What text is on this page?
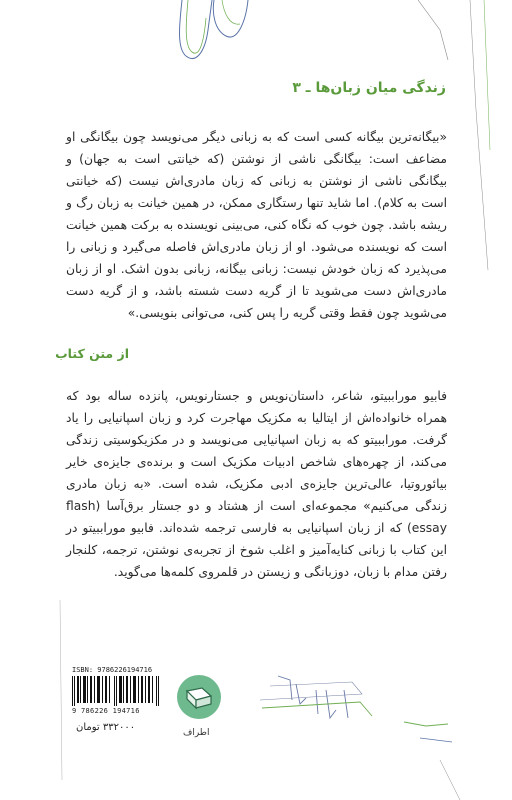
زندگی میان زبان‌ها ـ ۳
«بیگانه‌ترین بیگانه کسی است که به زبانی دیگر می‌نویسد چون بیگانگی او مضاعف است: بیگانگی ناشی از نوشتن (که خیانتی است به جهان) و بیگانگی ناشی از نوشتن به زبانی که زبان مادری‌اش نیست (که خیانتی است به کلام). اما شاید تنها رستگاری ممکن، در همین خیانت به زبان رگ و ریشه باشد. چون خوب که نگاه کنی، می‌بینی نویسنده به برکت همین خیانت است که نویسنده می‌شود. او از زبان مادری‌اش فاصله می‌گیرد و زبانی را می‌پذیرد که زبان خودش نیست: زبانی بیگانه، زبانی بدون اشک. او از زبان مادری‌اش دست می‌شوید تا از گریه دست شسته باشد، و از گریه دست می‌شوید چون فقط وقتی گریه را پس کنی، می‌توانی بنویسی.»
از متن کتاب
فابیو موراببیتو، شاعر، داستان‌نویس و جستارنویس، پانزده ساله بود که همراه خانواده‌اش از ایتالیا به مکزیک مهاجرت کرد و زبان اسپانیایی را یاد گرفت. موراببیتو که به زبان اسپانیایی می‌نویسد و در مکزیکوسیتی زندگی می‌کند، از چهره‌های شاخص ادبیات مکزیک است و برنده‌ی جایزه‌ی خایر بیائوروتیا، عالی‌ترین جایزه‌ی ادبی مکزیک، شده است. «به زبان مادری زندگی می‌کنیم» مجموعه‌ای است از هشتاد و دو جستار برق‌آسا (flash essay) که از زبان اسپانیایی به فارسی ترجمه شده‌اند. فابیو موراببیتو در این کتاب با زبانی کنایه‌آمیز و اغلب شوخ از تجربه‌ی نوشتن، ترجمه، کلنجار رفتن مدام با زبان، دوزبانگی و زیستن در قلمروی کلمه‌ها می‌گوید.
ISBN: 9786226194716
9 786226 194716
۳۳۲۰۰۰ تومان	اطراف
